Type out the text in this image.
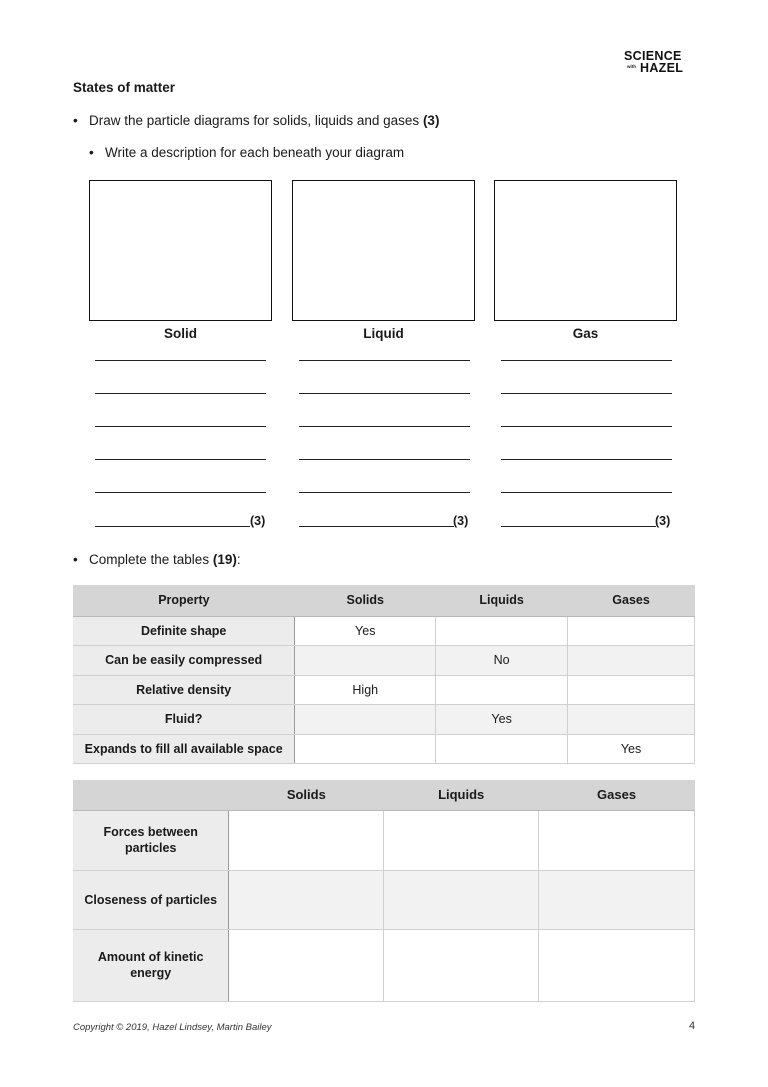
SCIENCE
with HAZEL
States of matter
• Draw the particle diagrams for solids, liquids and gases (3)
• Write a description for each beneath your diagram
Solid	Liquid	Gas
(3)	(3)	(3)
• Complete the tables (19):
Property	Solids	Liquids	Gases
Definite shape	Yes		
Can be easily compressed		No	
Relative density	High		
Fluid?		Yes	
Expands to fill all available space			Yes
	Solids	Liquids	Gases
Forces between particles			
Closeness of particles			
Amount of kinetic energy			
Copyright © 2019, Hazel Lindsey, Martin Bailey	4
